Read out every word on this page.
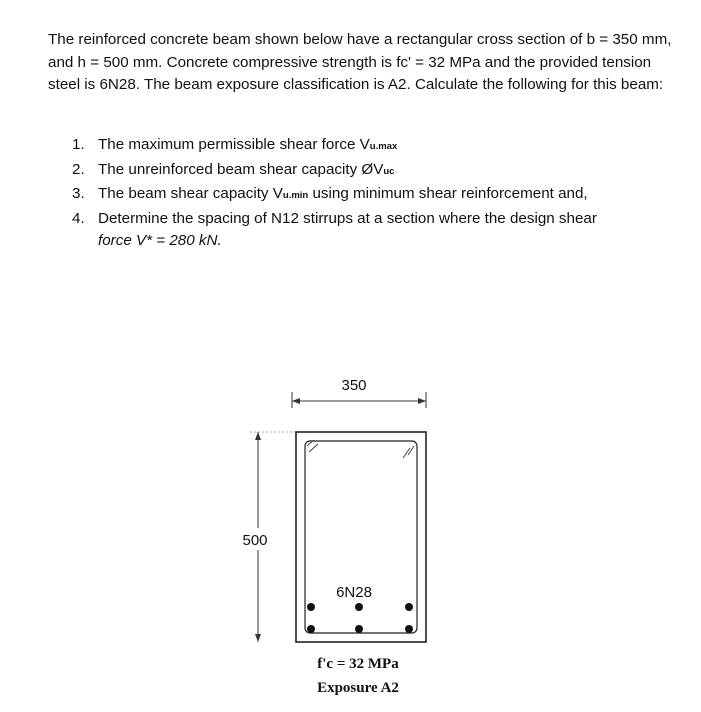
The reinforced concrete beam shown below have a rectangular cross section of b = 350 mm, and h = 500 mm. Concrete compressive strength is fc' = 32 MPa and the provided tension steel is 6N28. The beam exposure classification is A2. Calculate the following for this beam:

1. The maximum permissible shear force Vu.max
2. The unreinforced beam shear capacity ØVuc
3. The beam shear capacity Vu.min using minimum shear reinforcement and,
4. Determine the spacing of N12 stirrups at a section where the design shear
force V* = 280 kN.
350
500
6N28
f'c = 32 MPa
Exposure A2
